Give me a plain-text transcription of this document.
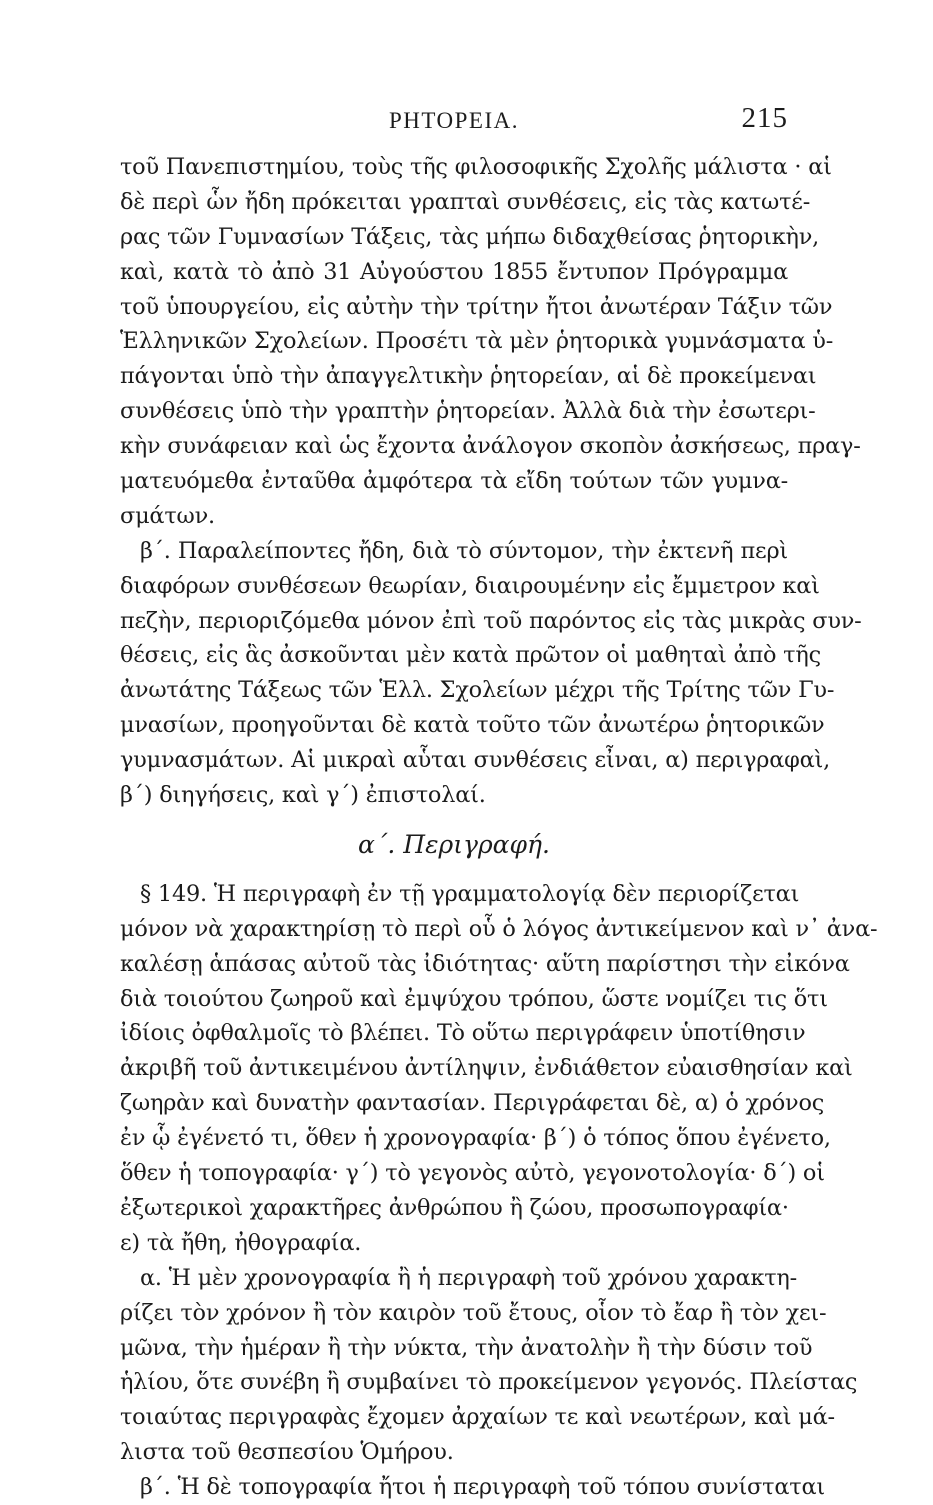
ΡΗΤΟΡΕΙΑ.	215
τοῦ Πανεπιστημίου, τοὺς τῆς φιλοσοφικῆς Σχολῆς μάλιστα · αἱ
δὲ περὶ ὧν ἤδη πρόκειται γραπταὶ συνθέσεις, εἰς τὰς κατωτέ-
ρας τῶν Γυμνασίων Τάξεις, τὰς μήπω διδαχθείσας ῥητορικὴν,
καὶ, κατὰ τὸ ἀπὸ 31 Αὐγούστου 1855 ἔντυπον Πρόγραμμα
τοῦ ὑπουργείου, εἰς αὐτὴν τὴν τρίτην ἤτοι ἀνωτέραν Τάξιν τῶν
Ἑλληνικῶν Σχολείων. Προσέτι τὰ μὲν ῥητορικὰ γυμνάσματα ὑ-
πάγονται ὑπὸ τὴν ἀπαγγελτικὴν ῥητορείαν, αἱ δὲ προκείμεναι
συνθέσεις ὑπὸ τὴν γραπτὴν ῥητορείαν. Ἀλλὰ διὰ τὴν ἐσωτερι-
κὴν συνάφειαν καὶ ὡς ἔχοντα ἀνάλογον σκοπὸν ἀσκήσεως, πραγ-
ματευόμεθα ἐνταῦθα ἀμφότερα τὰ εἴδη τούτων τῶν γυμνα-
σμάτων.
β΄. Παραλείποντες ἤδη, διὰ τὸ σύντομον, τὴν ἐκτενῆ περὶ
διαφόρων συνθέσεων θεωρίαν, διαιρουμένην εἰς ἔμμετρον καὶ
πεζὴν, περιοριζόμεθα μόνον ἐπὶ τοῦ παρόντος εἰς τὰς μικρὰς συν-
θέσεις, εἰς ἃς ἀσκοῦνται μὲν κατὰ πρῶτον οἱ μαθηταὶ ἀπὸ τῆς
ἀνωτάτης Τάξεως τῶν Ἑλλ. Σχολείων μέχρι τῆς Τρίτης τῶν Γυ-
μνασίων, προηγοῦνται δὲ κατὰ τοῦτο τῶν ἀνωτέρω ῥητορικῶν
γυμνασμάτων. Αἱ μικραὶ αὗται συνθέσεις εἶναι, α) περιγραφαὶ,
β΄) διηγήσεις, καὶ γ΄) ἐπιστολαί.
α΄. Περιγραφή.
§ 149. Ἡ περιγραφὴ ἐν τῇ γραμματολογίᾳ δὲν περιορίζεται
μόνον νὰ χαρακτηρίσῃ τὸ περὶ οὗ ὁ λόγος ἀντικείμενον καὶ ν᾽ ἀνα-
καλέσῃ ἁπάσας αὐτοῦ τὰς ἰδιότητας· αὕτη παρίστησι τὴν εἰκόνα
διὰ τοιούτου ζωηροῦ καὶ ἐμψύχου τρόπου, ὥστε νομίζει τις ὅτι
ἰδίοις ὀφθαλμοῖς τὸ βλέπει. Τὸ οὕτω περιγράφειν ὑποτίθησιν
ἀκριβῆ τοῦ ἀντικειμένου ἀντίληψιν, ἐνδιάθετον εὐαισθησίαν καὶ
ζωηρὰν καὶ δυνατὴν φαντασίαν. Περιγράφεται δὲ, α) ὁ χρόνος
ἐν ᾧ ἐγένετό τι, ὅθεν ἡ χρονογραφία· β΄) ὁ τόπος ὅπου ἐγένετο,
ὅθεν ἡ τοπογραφία· γ΄) τὸ γεγονὸς αὐτὸ, γεγονοτολογία· δ΄) οἱ
ἐξωτερικοὶ χαρακτῆρες ἀνθρώπου ἢ ζώου, προσωπογραφία·
ε) τὰ ἤθη, ἠθογραφία.
α. Ἡ μὲν χρονογραφία ἢ ἡ περιγραφὴ τοῦ χρόνου χαρακτη-
ρίζει τὸν χρόνον ἢ τὸν καιρὸν τοῦ ἔτους, οἷον τὸ ἔαρ ἢ τὸν χει-
μῶνα, τὴν ἡμέραν ἢ τὴν νύκτα, τὴν ἀνατολὴν ἢ τὴν δύσιν τοῦ
ἡλίου, ὅτε συνέβη ἢ συμβαίνει τὸ προκείμενον γεγονός. Πλείστας
τοιαύτας περιγραφὰς ἔχομεν ἀρχαίων τε καὶ νεωτέρων, καὶ μά-
λιστα τοῦ θεσπεσίου Ὁμήρου.
β΄. Ἡ δὲ τοπογραφία ἤτοι ἡ περιγραφὴ τοῦ τόπου συνίσταται
